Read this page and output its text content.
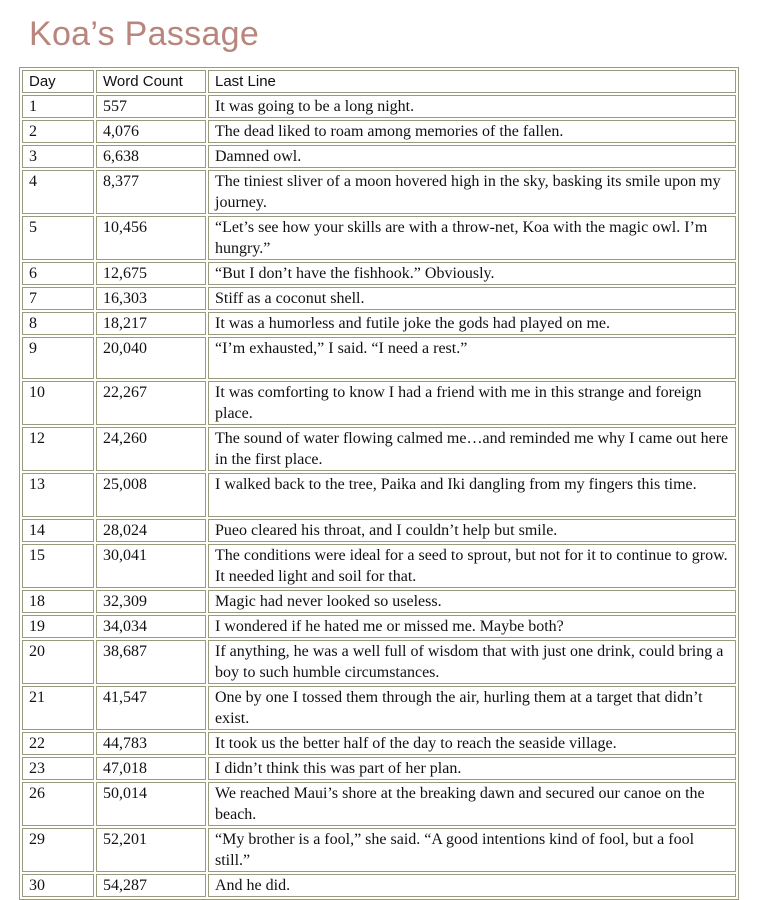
Koa’s Passage
Day	Word Count	Last Line
1	557	It was going to be a long night.
2	4,076	The dead liked to roam among memories of the fallen.
3	6,638	Damned owl.
4	8,377	The tiniest sliver of a moon hovered high in the sky, basking its smile upon my journey.
5	10,456	“Let’s see how your skills are with a throw-net, Koa with the magic owl. I’m hungry.”
6	12,675	“But I don’t have the fishhook.” Obviously.
7	16,303	Stiff as a coconut shell.
8	18,217	It was a humorless and futile joke the gods had played on me.
9	20,040	“I’m exhausted,” I said. “I need a rest.”
10	22,267	It was comforting to know I had a friend with me in this strange and foreign place.
12	24,260	The sound of water flowing calmed me…and reminded me why I came out here in the first place.
13	25,008	I walked back to the tree, Paika and Iki dangling from my fingers this time.
14	28,024	Pueo cleared his throat, and I couldn’t help but smile.
15	30,041	The conditions were ideal for a seed to sprout, but not for it to continue to grow. It needed light and soil for that.
18	32,309	Magic had never looked so useless.
19	34,034	I wondered if he hated me or missed me. Maybe both?
20	38,687	If anything, he was a well full of wisdom that with just one drink, could bring a boy to such humble circumstances.
21	41,547	One by one I tossed them through the air, hurling them at a target that didn’t exist.
22	44,783	It took us the better half of the day to reach the seaside village.
23	47,018	I didn’t think this was part of her plan.
26	50,014	We reached Maui’s shore at the breaking dawn and secured our canoe on the beach.
29	52,201	“My brother is a fool,” she said. “A good intentions kind of fool, but a fool still.”
30	54,287	And he did.
